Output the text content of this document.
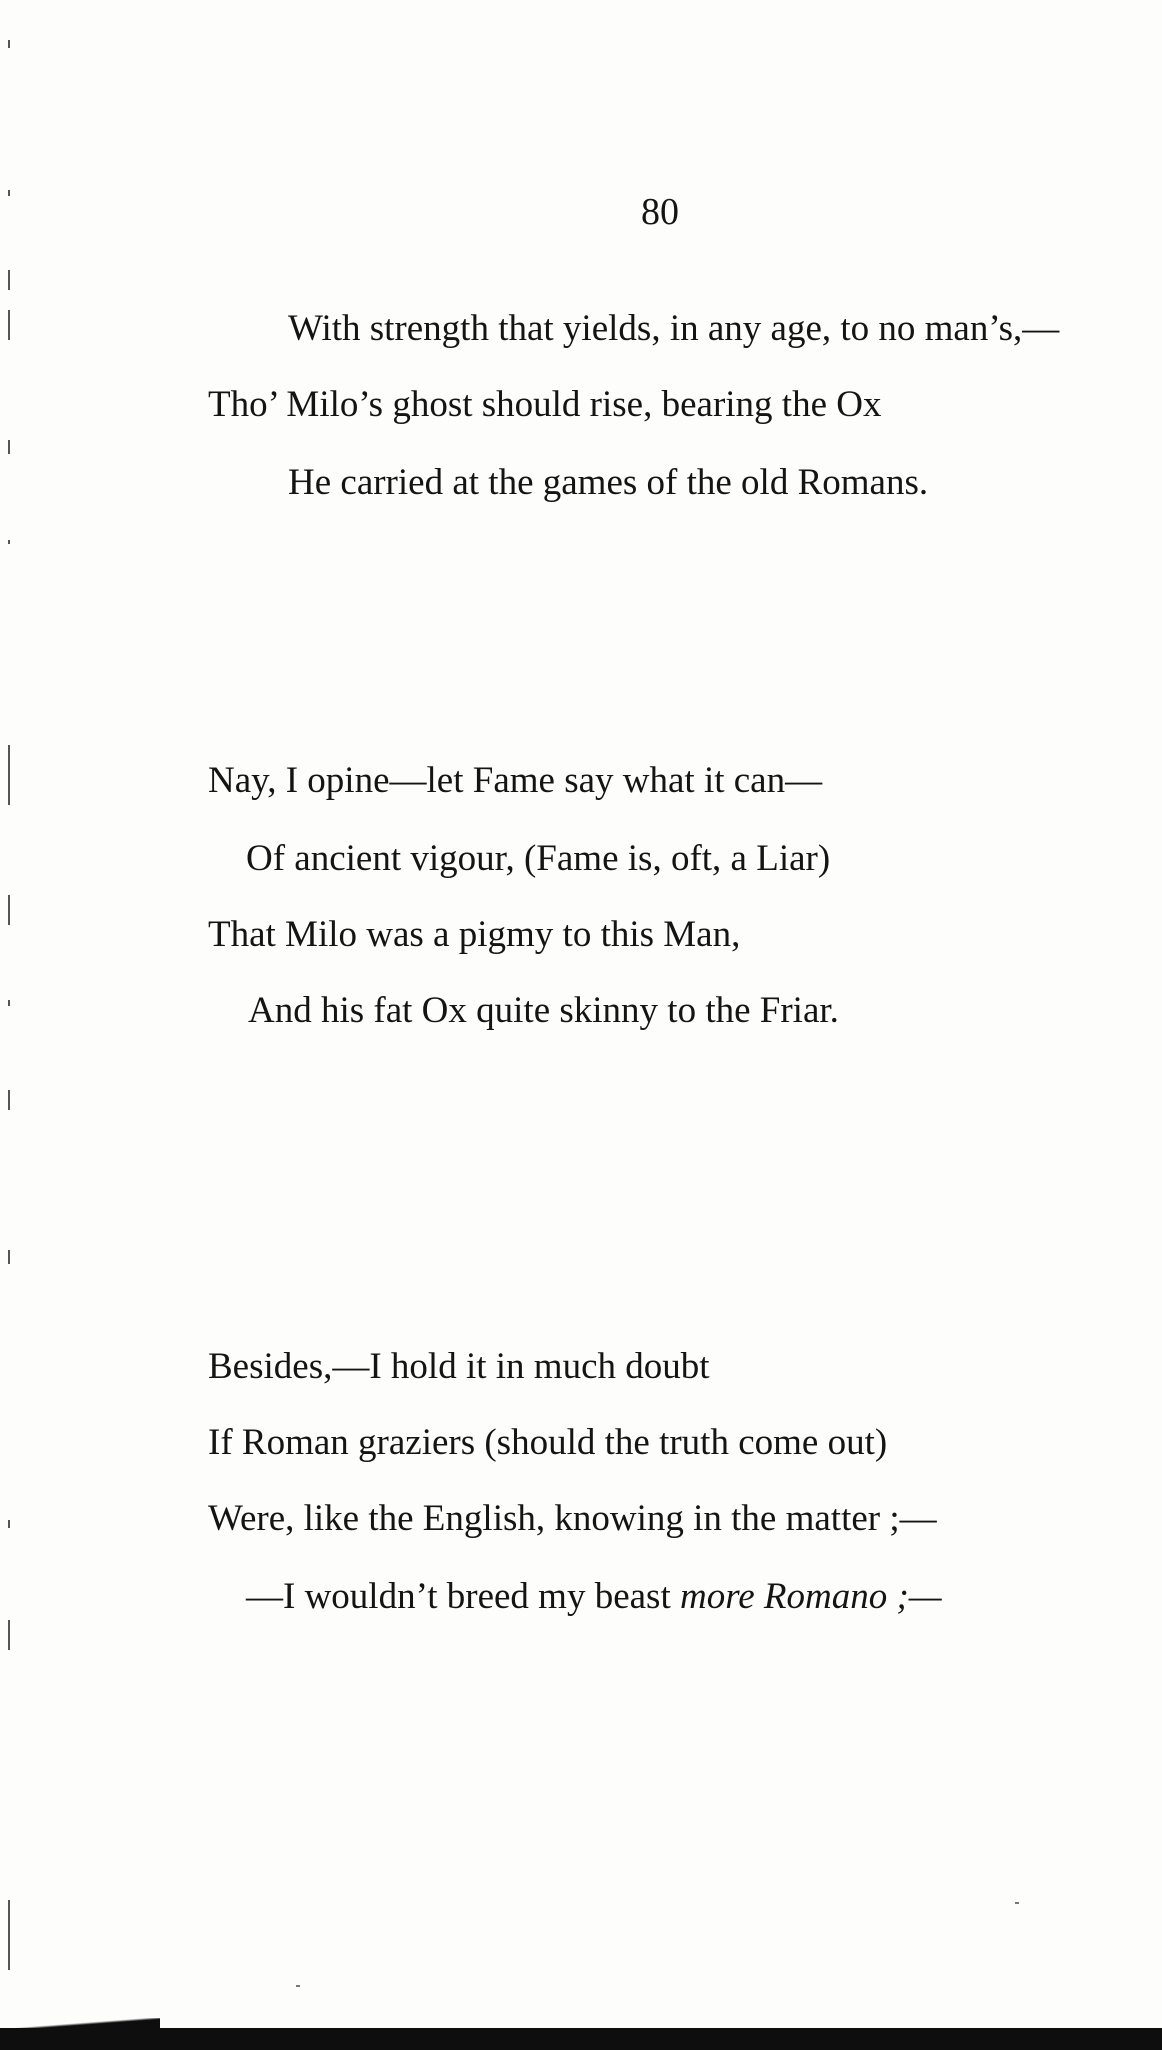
80
With strength that yields, in any age, to no man’s,—
Tho’ Milo’s ghost should rise, bearing the Ox
He carried at the games of the old Romans.
Nay, I opine—let Fame say what it can—
Of ancient vigour, (Fame is, oft, a Liar)
That Milo was a pigmy to this Man,
And his fat Ox quite skinny to the Friar.
Besides,—I hold it in much doubt
If Roman graziers (should the truth come out)
Were, like the English, knowing in the matter ;—
—I wouldn’t breed my beast more Romano ;—
